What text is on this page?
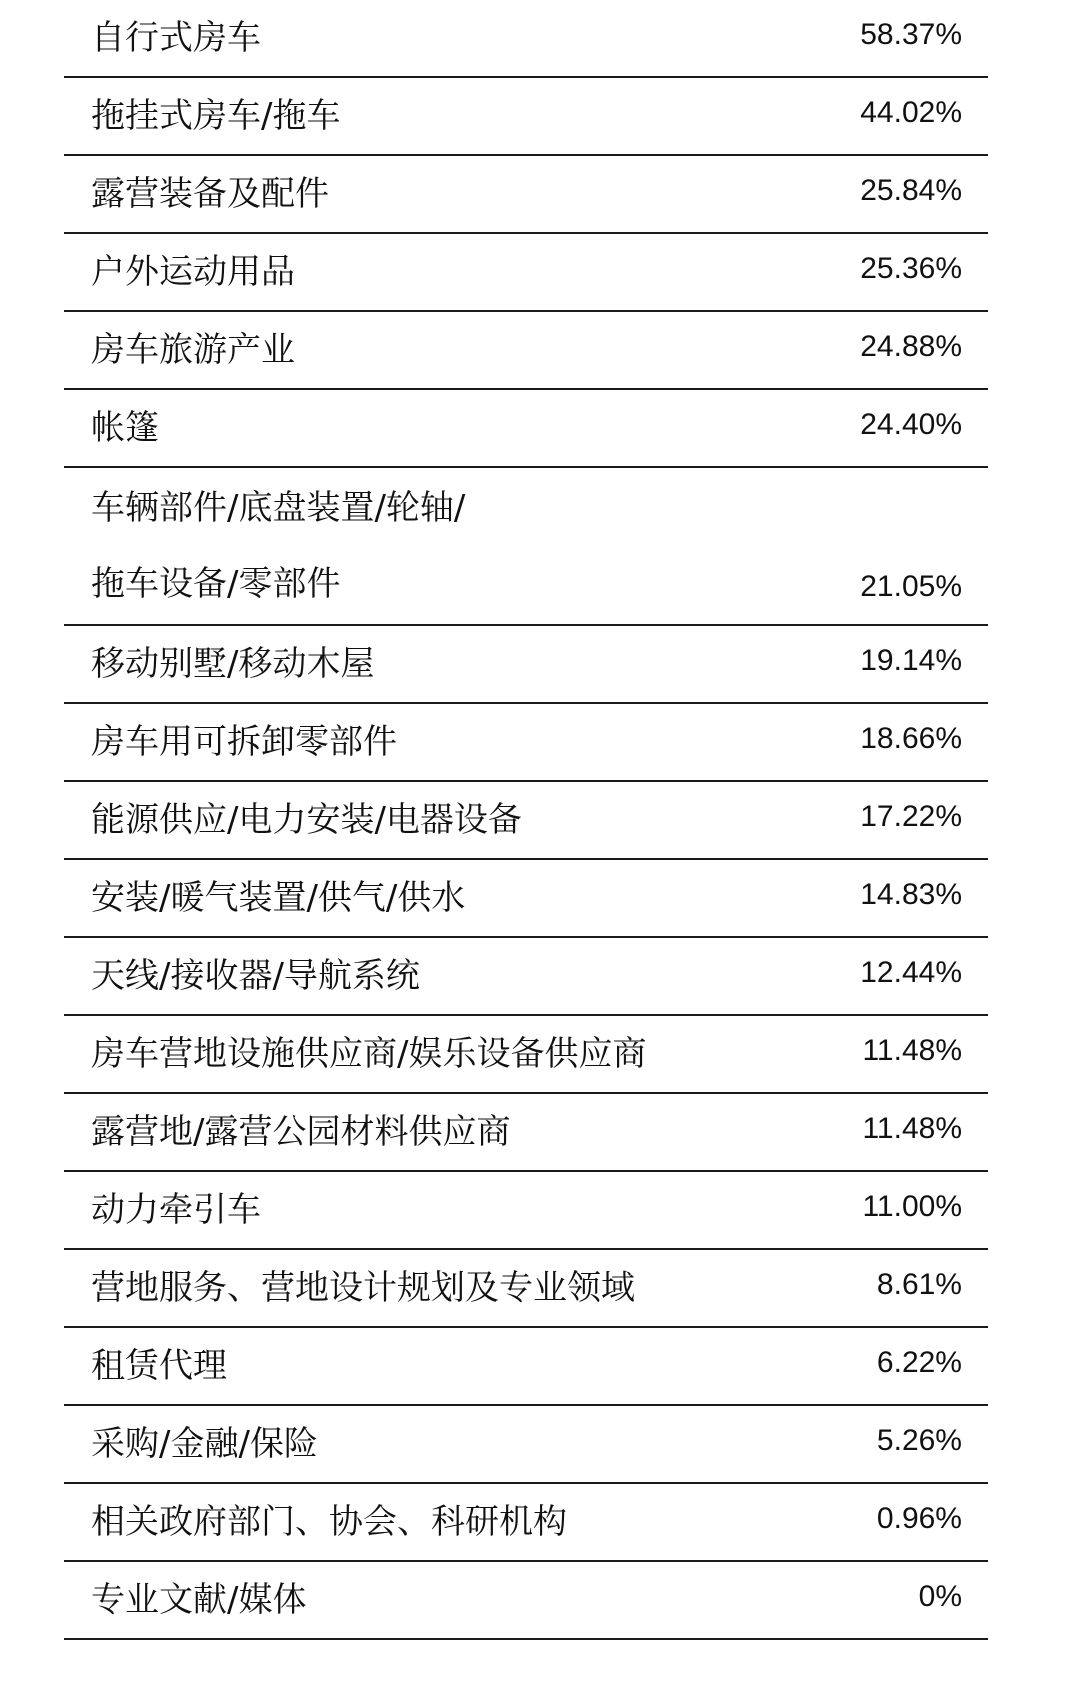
自行式房车	58.37%
拖挂式房车/拖车	44.02%
露营装备及配件	25.84%
户外运动用品	25.36%
房车旅游产业	24.88%
帐篷	24.40%
车辆部件/底盘装置/轮轴/
拖车设备/零部件	21.05%
移动别墅/移动木屋	19.14%
房车用可拆卸零部件	18.66%
能源供应/电力安装/电器设备	17.22%
安装/暖气装置/供气/供水	14.83%
天线/接收器/导航系统	12.44%
房车营地设施供应商/娱乐设备供应商	11.48%
露营地/露营公园材料供应商	11.48%
动力牵引车	11.00%
营地服务、营地设计规划及专业领域	8.61%
租赁代理	6.22%
采购/金融/保险	5.26%
相关政府部门、协会、科研机构	0.96%
专业文献/媒体	0%
